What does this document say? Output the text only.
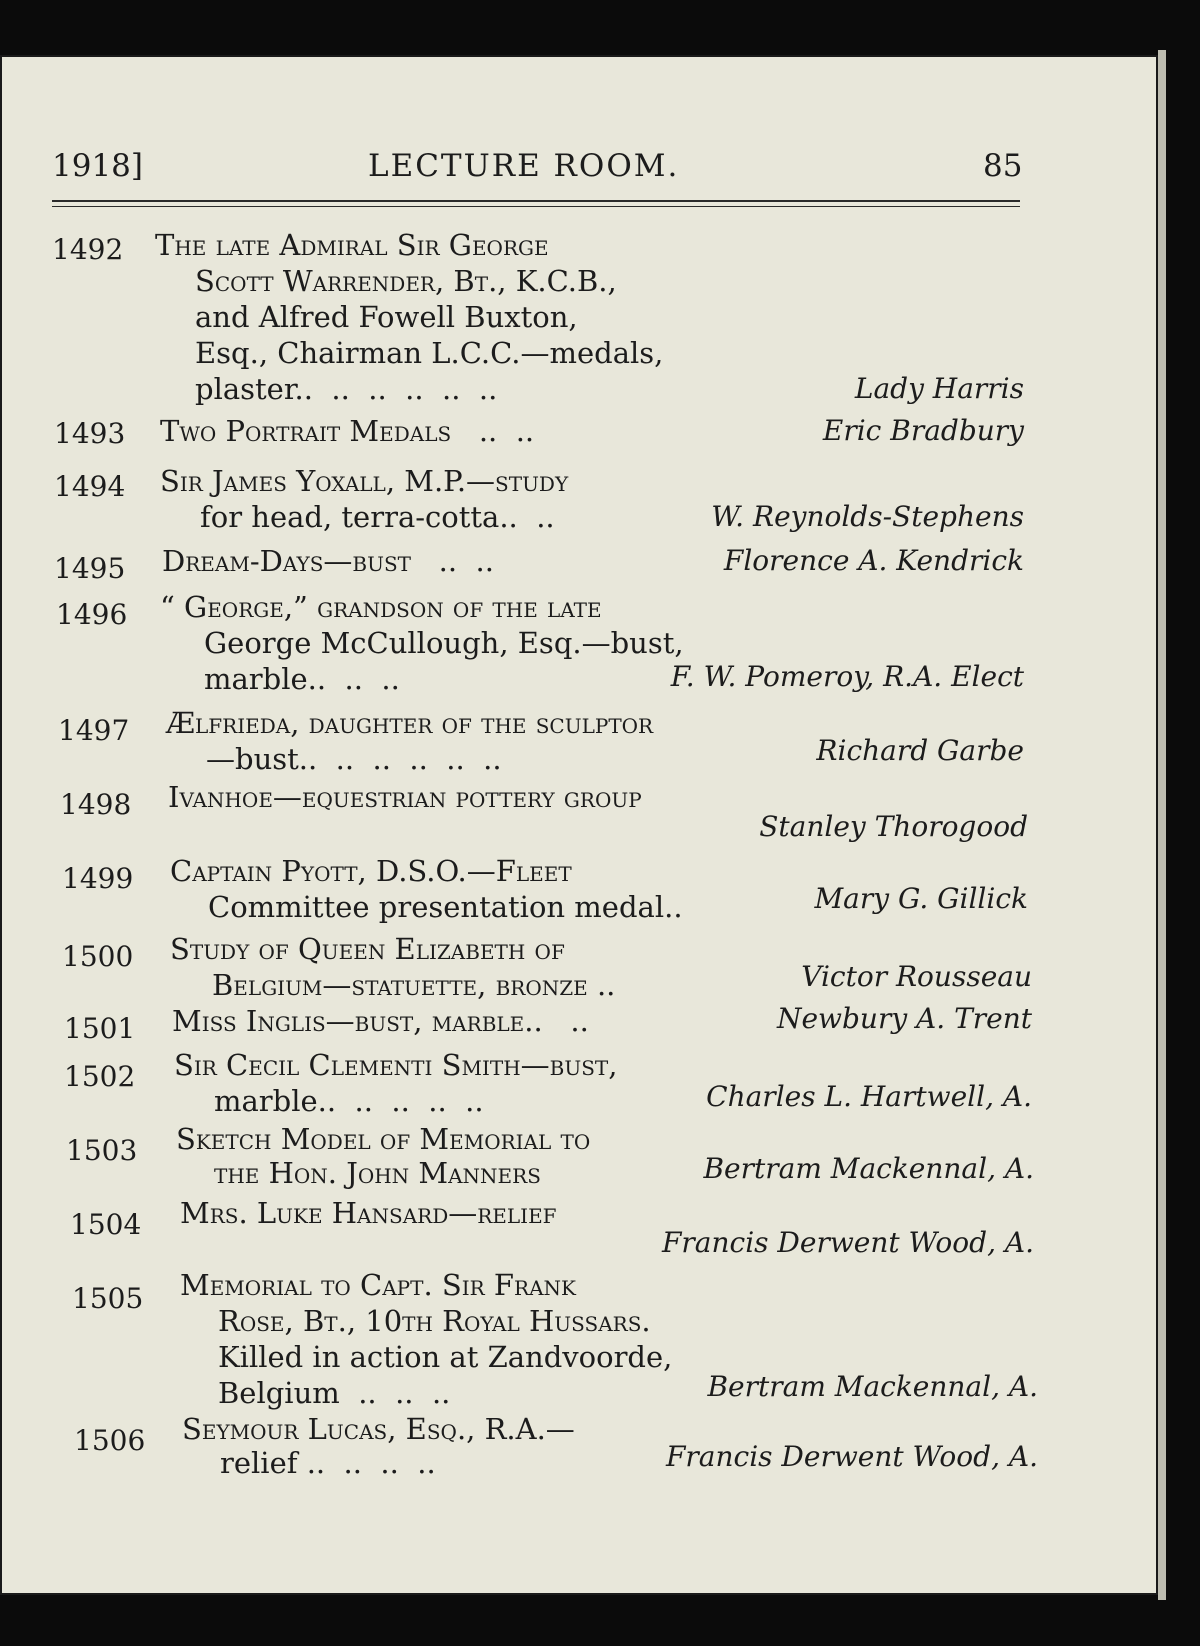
1918]	LECTURE ROOM.	85
1492 The late Admiral Sir George
Scott Warrender, Bt., K.C.B.,
and Alfred Fowell Buxton,
Esq., Chairman L.C.C.—medals,
plaster..  ..  ..  ..  ..  ..	Lady Harris
1493 Two Portrait Medals   ..  ..	Eric Bradbury
1494 Sir James Yoxall, M.P.—study
for head, terra-cotta..  ..	W. Reynolds-Stephens
1495 Dream-Days—bust   ..  ..	Florence A. Kendrick
1496 “ George,” grandson of the late
George McCullough, Esq.—bust,
marble..  ..  ..	F. W. Pomeroy, R.A. Elect
1497 Ælfrieda, daughter of the sculptor
—bust..  ..  ..  ..  ..  ..	Richard Garbe
1498 Ivanhoe—equestrian pottery group
Stanley Thorogood
1499 Captain Pyott, D.S.O.—Fleet
Committee presentation medal..	Mary G. Gillick
1500 Study of Queen Elizabeth of
Belgium—statuette, bronze ..	Victor Rousseau
1501 Miss Inglis—bust, marble..   ..	Newbury A. Trent
1502 Sir Cecil Clementi Smith—bust,
marble..  ..  ..  ..  ..	Charles L. Hartwell, A.
1503 Sketch Model of Memorial to
the Hon. John Manners	Bertram Mackennal, A.
1504 Mrs. Luke Hansard—relief
Francis Derwent Wood, A.
1505 Memorial to Capt. Sir Frank
Rose, Bt., 10th Royal Hussars.
Killed in action at Zandvoorde,
Belgium  ..  ..  ..	Bertram Mackennal, A.
1506 Seymour Lucas, Esq., R.A.—
relief ..  ..  ..  ..	Francis Derwent Wood, A.
